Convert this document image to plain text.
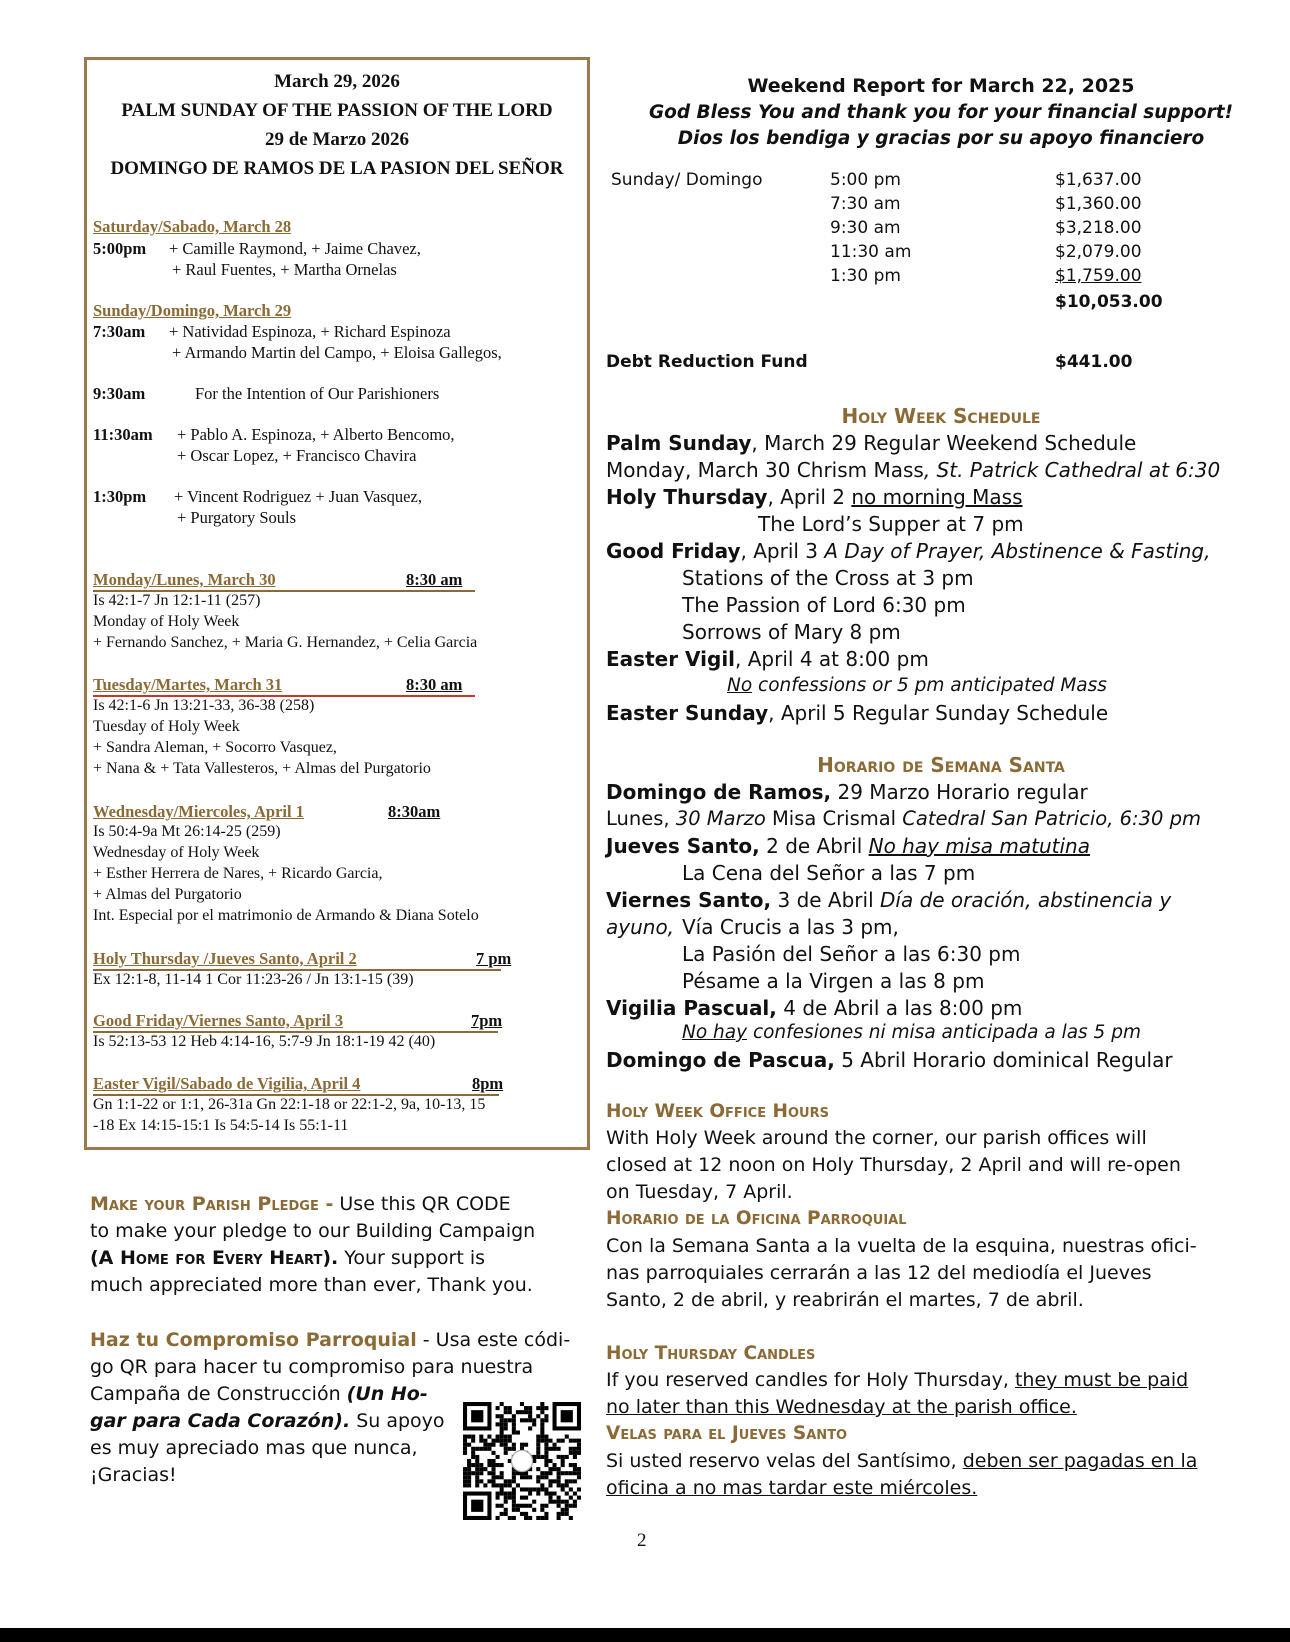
March 29, 2026
PALM SUNDAY OF THE PASSION OF THE LORD
29 de Marzo 2026
DOMINGO DE RAMOS DE LA PASION DEL SEÑOR
Saturday/Sabado, March 28
5:00pm + Camille Raymond, + Jaime Chavez,
+ Raul Fuentes, + Martha Ornelas
Sunday/Domingo, March 29
7:30am + Natividad Espinoza, + Richard Espinoza
+ Armando Martin del Campo, + Eloisa Gallegos,
9:30am	For the Intention of Our Parishioners
11:30am + Pablo A. Espinoza, + Alberto Bencomo,
+ Oscar Lopez, + Francisco Chavira
1:30pm + Vincent Rodriguez + Juan Vasquez,
+ Purgatory Souls
Monday/Lunes, March 30	8:30 am
Is 42:1-7 Jn 12:1-11 (257)
Monday of Holy Week
+ Fernando Sanchez, + Maria G. Hernandez, + Celia Garcia
Tuesday/Martes, March 31	8:30 am
Is 42:1-6 Jn 13:21-33, 36-38 (258)
Tuesday of Holy Week
+ Sandra Aleman, + Socorro Vasquez,
+ Nana & + Tata Vallesteros, + Almas del Purgatorio
Wednesday/Miercoles, April 1	8:30am
Is 50:4-9a Mt 26:14-25 (259)
Wednesday of Holy Week
+ Esther Herrera de Nares, + Ricardo Garcia,
+ Almas del Purgatorio
Int. Especial por el matrimonio de Armando & Diana Sotelo
Holy Thursday /Jueves Santo, April 2	7 pm
Ex 12:1-8, 11-14 1 Cor 11:23-26 / Jn 13:1-15 (39)
Good Friday/Viernes Santo, April 3	7pm
Is 52:13-53 12 Heb 4:14-16, 5:7-9 Jn 18:1-19 42 (40)
Easter Vigil/Sabado de Vigilia, April 4	8pm
Gn 1:1-22 or 1:1, 26-31a Gn 22:1-18 or 22:1-2, 9a, 10-13, 15
-18 Ex 14:15-15:1 Is 54:5-14 Is 55:1-11
Make your Parish Pledge - Use this QR CODE
to make your pledge to our Building Campaign
(A Home for Every Heart). Your support is
much appreciated more than ever, Thank you.
Haz tu Compromiso Parroquial - Usa este códi-
go QR para hacer tu compromiso para nuestra
Campaña de Construcción (Un Ho-
gar para Cada Corazón). Su apoyo
es muy apreciado mas que nunca,
¡Gracias!
Weekend Report for March 22, 2025
God Bless You and thank you for your financial support!
Dios los bendiga y gracias por su apoyo financiero
Sunday/ Domingo	5:00 pm	$1,637.00
7:30 am	$1,360.00
9:30 am	$3,218.00
11:30 am	$2,079.00
1:30 pm	$1,759.00
$10,053.00
Debt Reduction Fund	$441.00
Holy Week Schedule
Palm Sunday, March 29 Regular Weekend Schedule
Monday, March 30 Chrism Mass, St. Patrick Cathedral at 6:30
Holy Thursday, April 2 no morning Mass
The Lord’s Supper at 7 pm
Good Friday, April 3 A Day of Prayer, Abstinence & Fasting,
Stations of the Cross at 3 pm
The Passion of Lord 6:30 pm
Sorrows of Mary 8 pm
Easter Vigil, April 4 at 8:00 pm
No confessions or 5 pm anticipated Mass
Easter Sunday, April 5 Regular Sunday Schedule
Horario de Semana Santa
Domingo de Ramos, 29 Marzo Horario regular
Lunes, 30 Marzo Misa Crismal Catedral San Patricio, 6:30 pm
Jueves Santo, 2 de Abril No hay misa matutina
La Cena del Señor a las 7 pm
Viernes Santo, 3 de Abril Día de oración, abstinencia y
ayuno, Vía Crucis a las 3 pm,
La Pasión del Señor a las 6:30 pm
Pésame a la Virgen a las 8 pm
Vigilia Pascual, 4 de Abril a las 8:00 pm
No hay confesiones ni misa anticipada a las 5 pm
Domingo de Pascua, 5 Abril Horario dominical Regular
Holy Week Office Hours
With Holy Week around the corner, our parish offices will
closed at 12 noon on Holy Thursday, 2 April and will re-open
on Tuesday, 7 April.
Horario de la Oficina Parroquial
Con la Semana Santa a la vuelta de la esquina, nuestras ofici-
nas parroquiales cerrarán a las 12 del mediodía el Jueves
Santo, 2 de abril, y reabrirán el martes, 7 de abril.
Holy Thursday Candles
If you reserved candles for Holy Thursday, they must be paid
no later than this Wednesday at the parish office.
Velas para el Jueves Santo
Si usted reservo velas del Santísimo, deben ser pagadas en la
oficina a no mas tardar este miércoles.
2
